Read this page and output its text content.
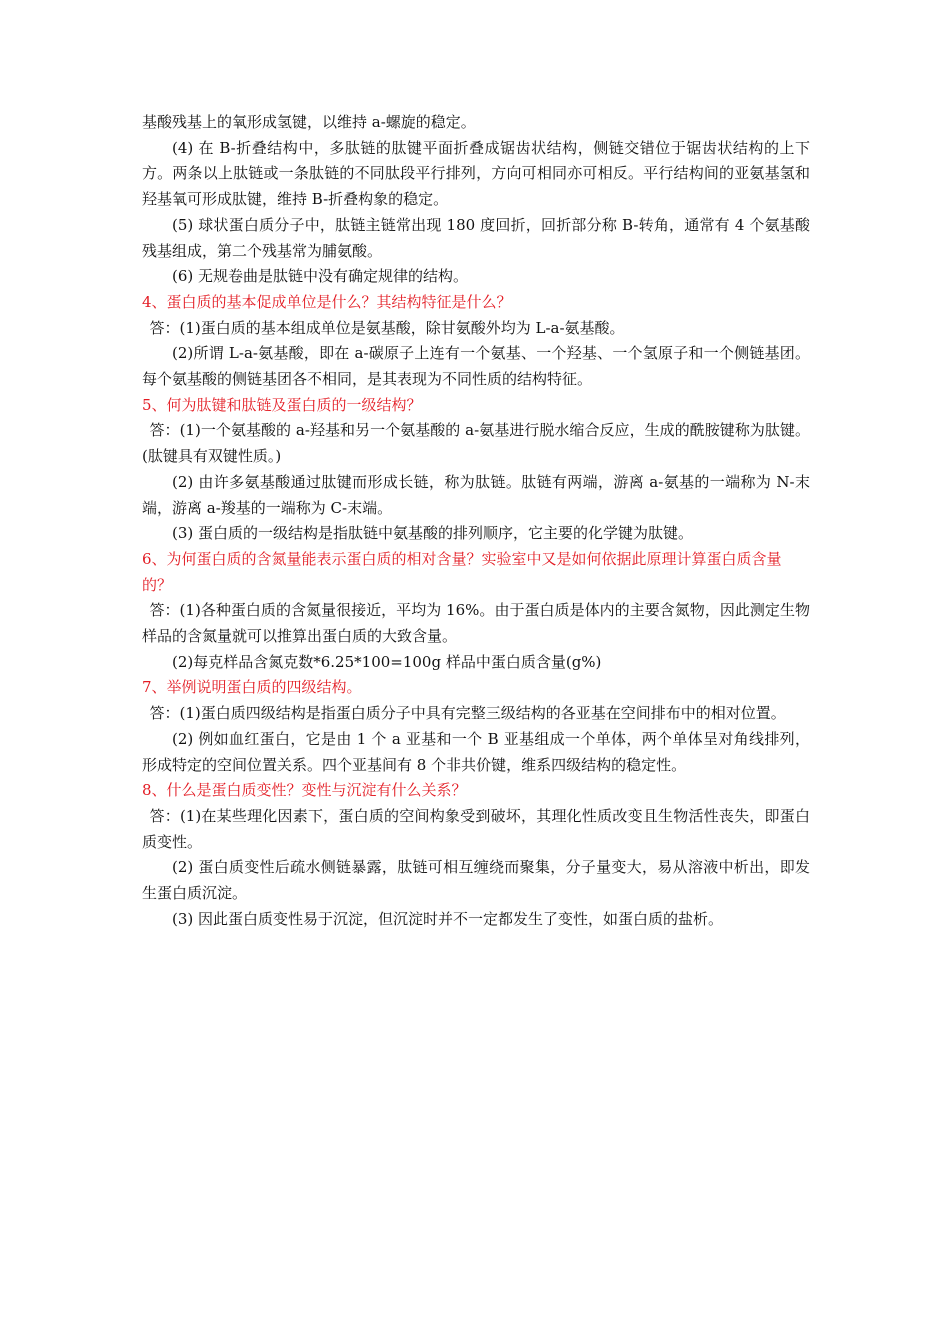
基酸残基上的氧形成氢键，以维持 a-螺旋的稳定。

(4) 在 B-折叠结构中，多肽链的肽键平面折叠成锯齿状结构，侧链交错位于锯齿状结构的上下方。两条以上肽链或一条肽链的不同肽段平行排列，方向可相同亦可相反。平行结构间的亚氨基氢和羟基氧可形成肽键，维持 B-折叠构象的稳定。

(5) 球状蛋白质分子中，肽链主链常出现 180 度回折，回折部分称 B-转角，通常有 4 个氨基酸残基组成，第二个残基常为脯氨酸。

(6) 无规卷曲是肽链中没有确定规律的结构。

4、蛋白质的基本促成单位是什么？其结构特征是什么？

答：(1)蛋白质的基本组成单位是氨基酸，除甘氨酸外均为 L-a-氨基酸。

(2)所谓 L-a-氨基酸，即在 a-碳原子上连有一个氨基、一个羟基、一个氢原子和一个侧链基团。每个氨基酸的侧链基团各不相同，是其表现为不同性质的结构特征。

5、何为肽键和肽链及蛋白质的一级结构？

答：(1)一个氨基酸的 a-羟基和另一个氨基酸的 a-氨基进行脱水缩合反应，生成的酰胺键称为肽键。(肽键具有双键性质。)

(2) 由许多氨基酸通过肽键而形成长链，称为肽链。肽链有两端，游离 a-氨基的一端称为 N-末端，游离 a-羧基的一端称为 C-末端。

(3) 蛋白质的一级结构是指肽链中氨基酸的排列顺序，它主要的化学键为肽键。

6、为何蛋白质的含氮量能表示蛋白质的相对含量？实验室中又是如何依据此原理计算蛋白质含量的？

答：(1)各种蛋白质的含氮量很接近，平均为 16%。由于蛋白质是体内的主要含氮物，因此测定生物样品的含氮量就可以推算出蛋白质的大致含量。

(2)每克样品含氮克数*6.25*100=100g 样品中蛋白质含量(g%)

7、举例说明蛋白质的四级结构。

答：(1)蛋白质四级结构是指蛋白质分子中具有完整三级结构的各亚基在空间排布中的相对位置。

(2) 例如血红蛋白，它是由 1 个 a 亚基和一个 B 亚基组成一个单体，两个单体呈对角线排列，形成特定的空间位置关系。四个亚基间有 8 个非共价键，维系四级结构的稳定性。

8、什么是蛋白质变性？变性与沉淀有什么关系？

答：(1)在某些理化因素下，蛋白质的空间构象受到破坏，其理化性质改变且生物活性丧失，即蛋白质变性。

(2) 蛋白质变性后疏水侧链暴露，肽链可相互缠绕而聚集，分子量变大，易从溶液中析出，即发生蛋白质沉淀。

(3) 因此蛋白质变性易于沉淀，但沉淀时并不一定都发生了变性，如蛋白质的盐析。
